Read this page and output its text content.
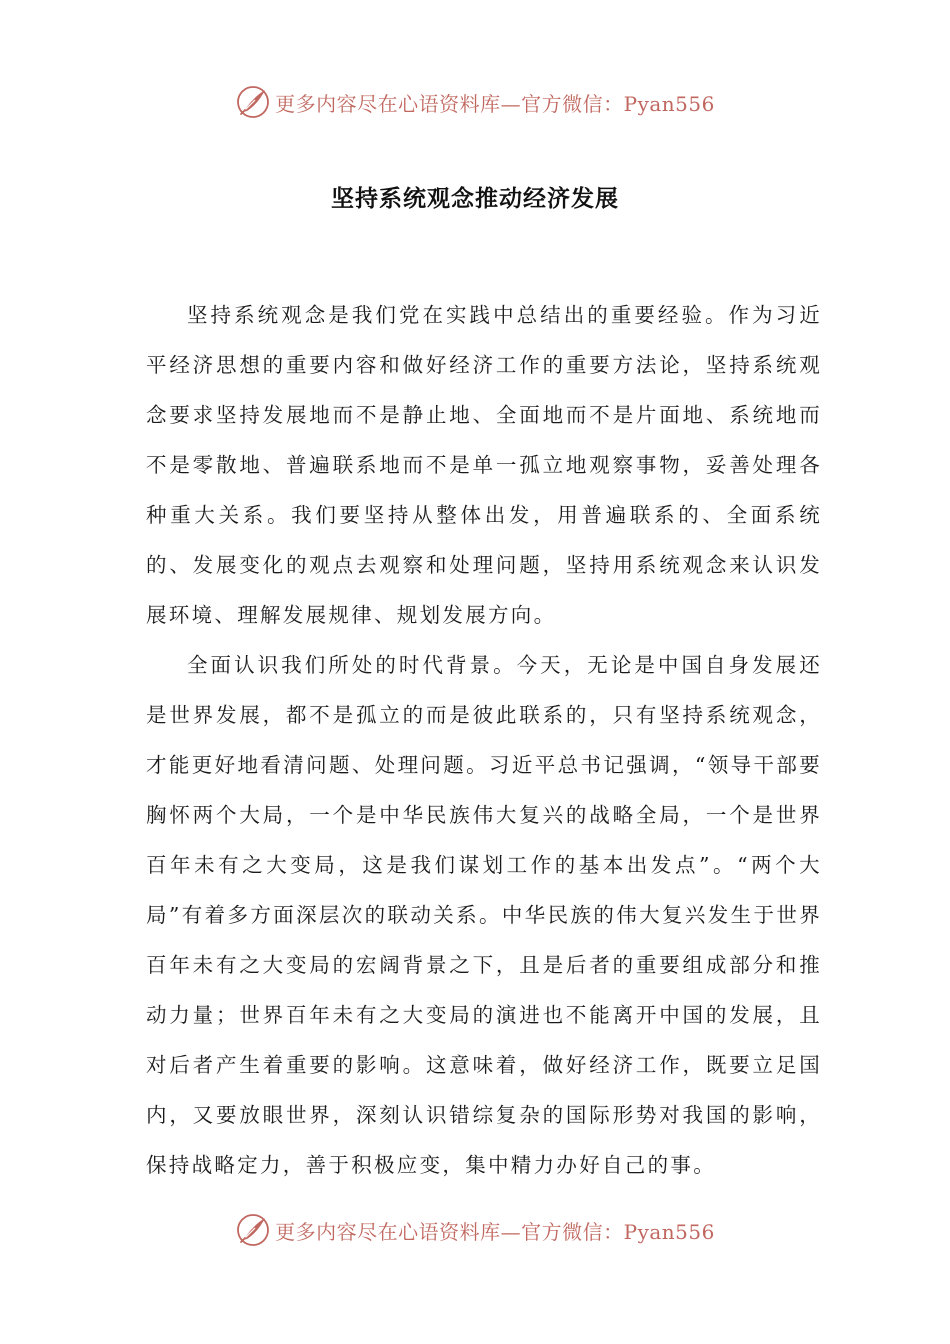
更多内容尽在心语资料库—官方微信：Pyan556
坚持系统观念推动经济发展

坚持系统观念是我们党在实践中总结出的重要经验。作为习近平经济思想的重要内容和做好经济工作的重要方法论，坚持系统观念要求坚持发展地而不是静止地、全面地而不是片面地、系统地而不是零散地、普遍联系地而不是单一孤立地观察事物，妥善处理各种重大关系。我们要坚持从整体出发，用普遍联系的、全面系统的、发展变化的观点去观察和处理问题，坚持用系统观念来认识发展环境、理解发展规律、规划发展方向。

全面认识我们所处的时代背景。今天，无论是中国自身发展还是世界发展，都不是孤立的而是彼此联系的，只有坚持系统观念，才能更好地看清问题、处理问题。习近平总书记强调，“领导干部要胸怀两个大局，一个是中华民族伟大复兴的战略全局，一个是世界百年未有之大变局，这是我们谋划工作的基本出发点”。“两个大局”有着多方面深层次的联动关系。中华民族的伟大复兴发生于世界百年未有之大变局的宏阔背景之下，且是后者的重要组成部分和推动力量；世界百年未有之大变局的演进也不能离开中国的发展，且对后者产生着重要的影响。这意味着，做好经济工作，既要立足国内，又要放眼世界，深刻认识错综复杂的国际形势对我国的影响，保持战略定力，善于积极应变，集中精力办好自己的事。

更多内容尽在心语资料库—官方微信：Pyan556
